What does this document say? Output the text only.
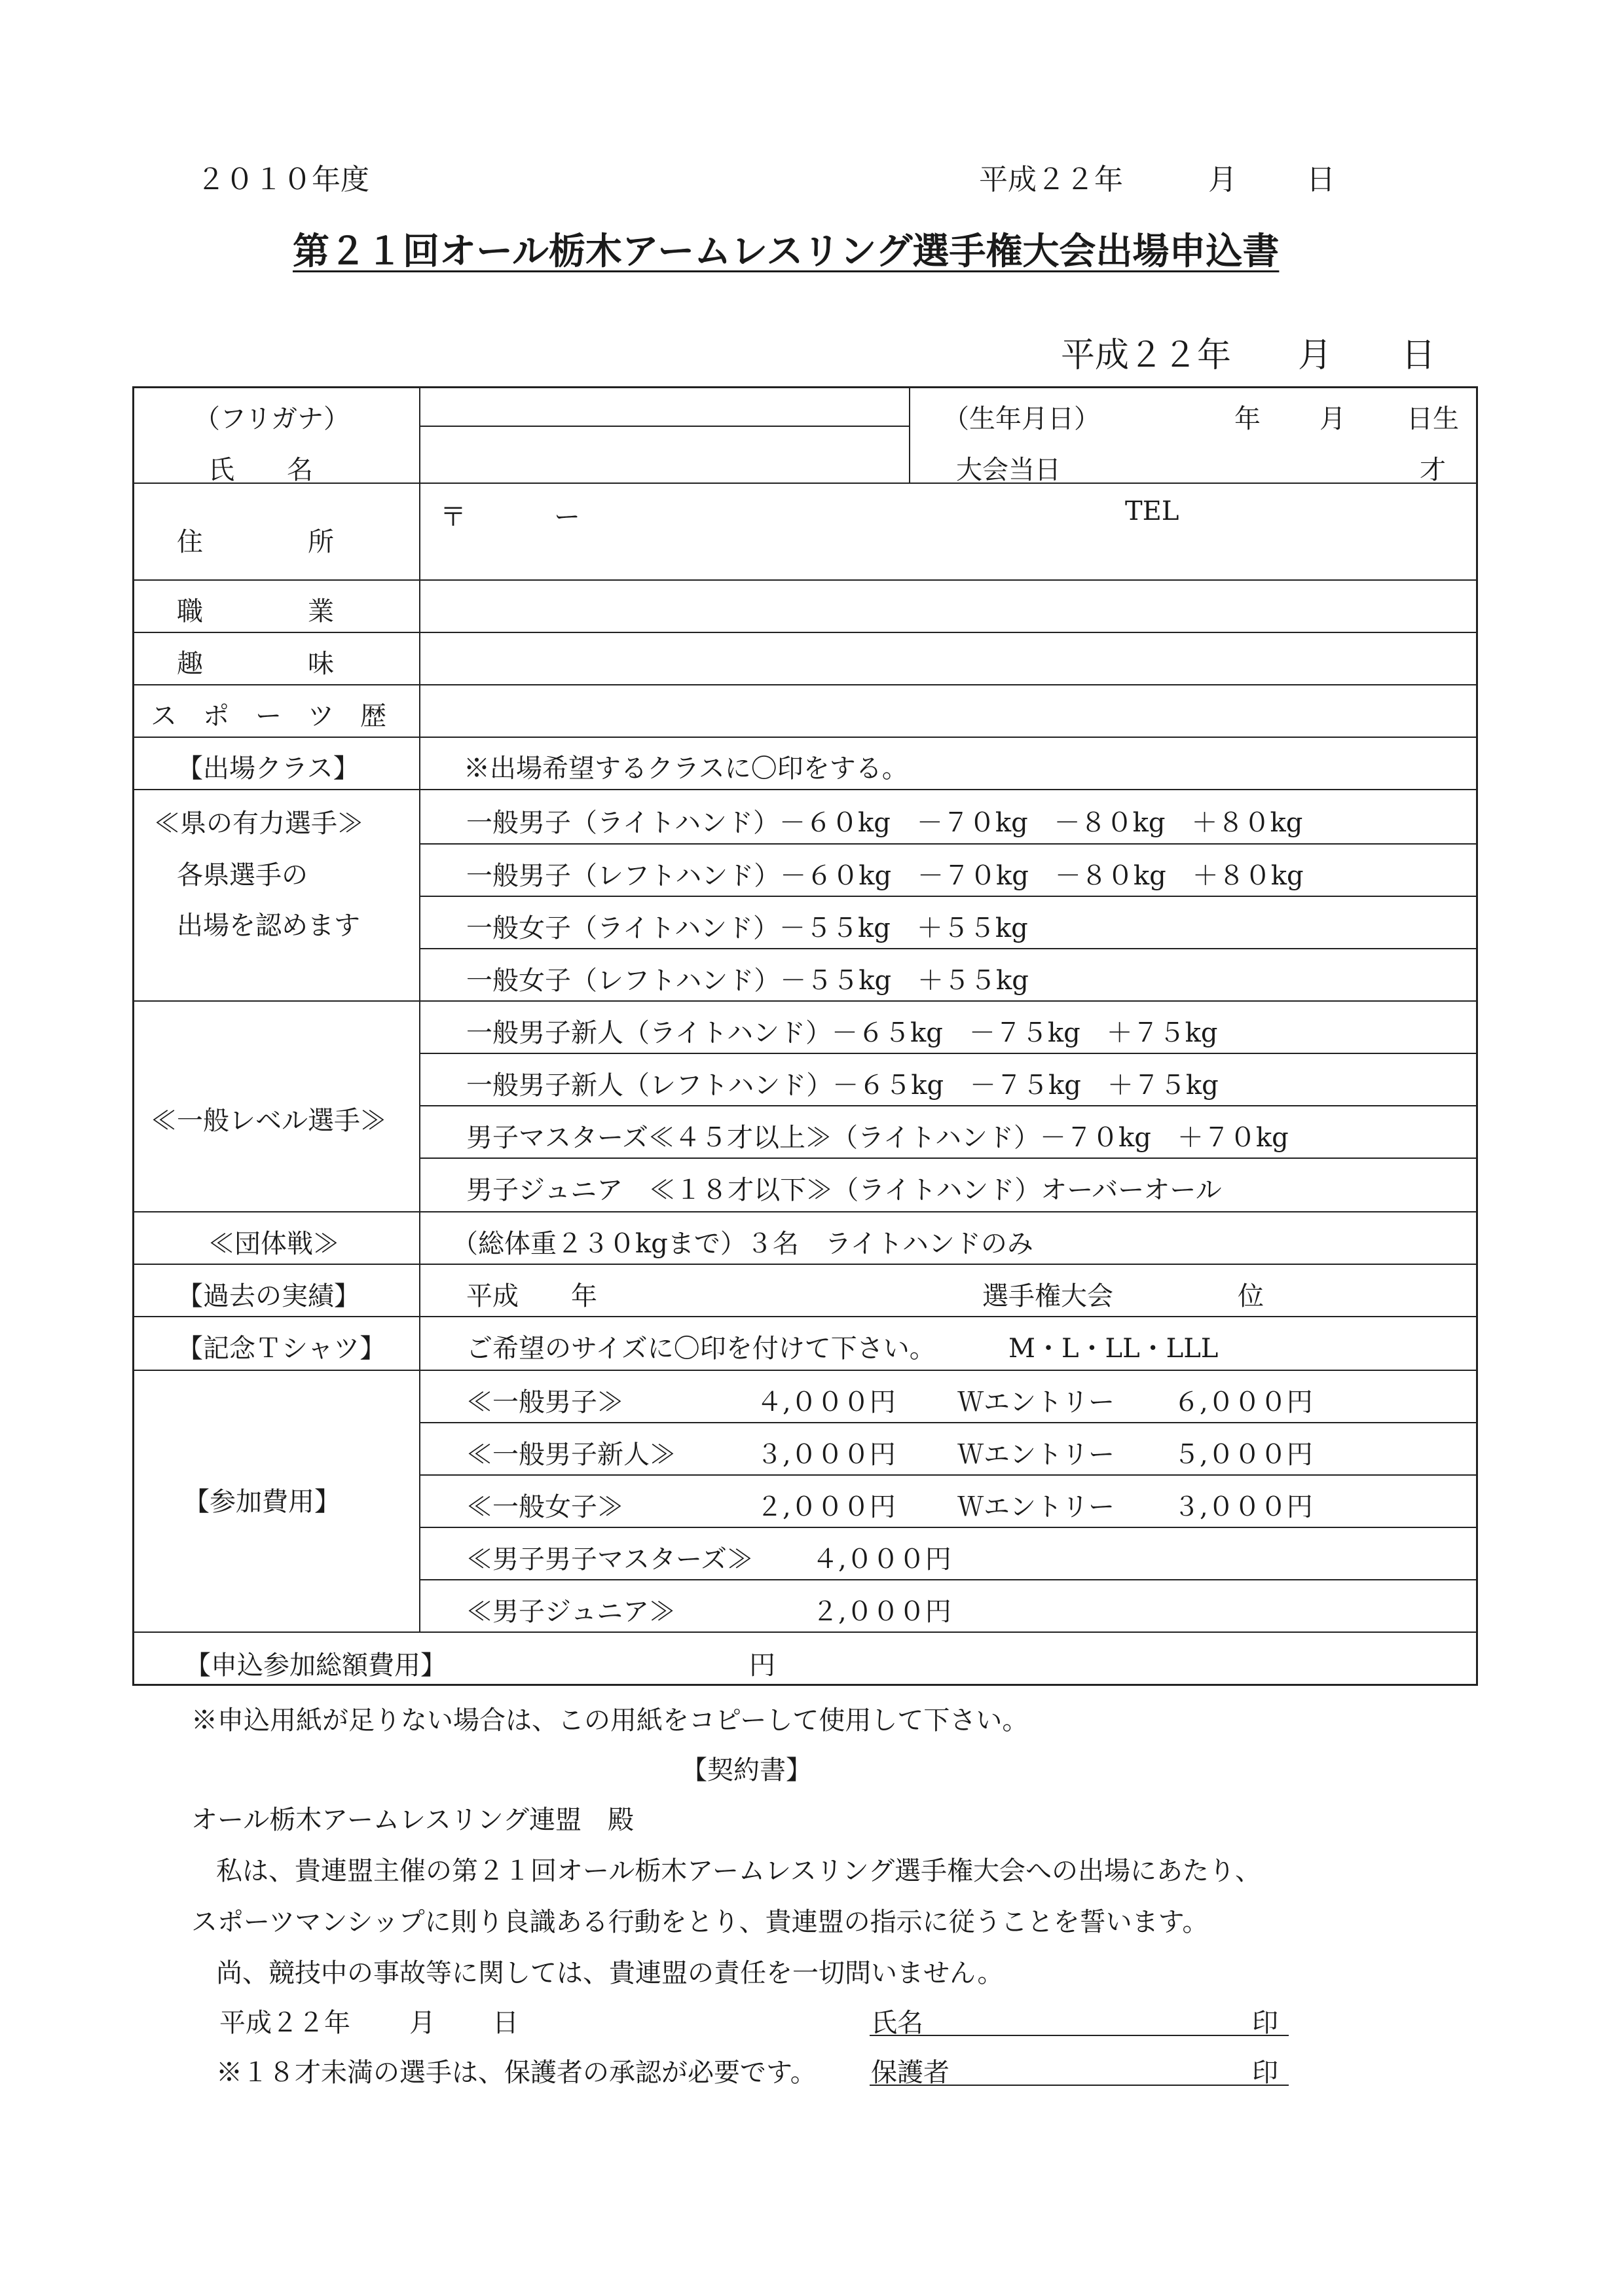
２０１０年度	平成２２年	月 日
第２１回オール栃木アームレスリング選手権大会出場申込書
平成２２年 月 日
（フリガナ）
氏　　名
（生年月日）	年 月 日生
大会当日	才
住　　　　所
〒	ー	TEL
職　　　　業
趣　　　　味
ス　ポ　ー　ツ　歴
【出場クラス】	※出場希望するクラスに〇印をする。
≪県の有力選手≫
各県選手の
出場を認めます
一般男子（ライトハンド）－６０kg　－７０kg　－８０kg　＋８０kg
一般男子（レフトハンド）－６０kg　－７０kg　－８０kg　＋８０kg
一般女子（ライトハンド）－５５kg　＋５５kg
一般女子（レフトハンド）－５５kg　＋５５kg
≪一般レベル選手≫
一般男子新人（ライトハンド）－６５kg　－７５kg　＋７５kg
一般男子新人（レフトハンド）－６５kg　－７５kg　＋７５kg
男子マスターズ≪４５才以上≫（ライトハンド）－７０kg　＋７０kg
男子ジュニア　≪１８才以下≫（ライトハンド）オーバーオール
≪団体戦≫	（総体重２３０kgまで）３名　ライトハンドのみ
【過去の実績】	平成　　年	選手権大会	位
【記念Ｔシャツ】	ご希望のサイズに〇印を付けて下さい。	M・L・LL・LLL
【参加費用】
≪一般男子≫	４,０００円 Ｗエントリー ６,０００円
≪一般男子新人≫	３,０００円 Ｗエントリー ５,０００円
≪一般女子≫	２,０００円 Ｗエントリー ３,０００円
≪男子男子マスターズ≫ ４,０００円
≪男子ジュニア≫	２,０００円
【申込参加総額費用】	円
※申込用紙が足りない場合は、この用紙をコピーして使用して下さい。
【契約書】
オール栃木アームレスリング連盟　殿
私は、貴連盟主催の第２１回オール栃木アームレスリング選手権大会への出場にあたり、
スポーツマンシップに則り良識ある行動をとり、貴連盟の指示に従うことを誓います。
尚、競技中の事故等に関しては、貴連盟の責任を一切問いません。
平成２２年 月 日	氏名	印
※１８才未満の選手は、保護者の承認が必要です。 保護者	印
